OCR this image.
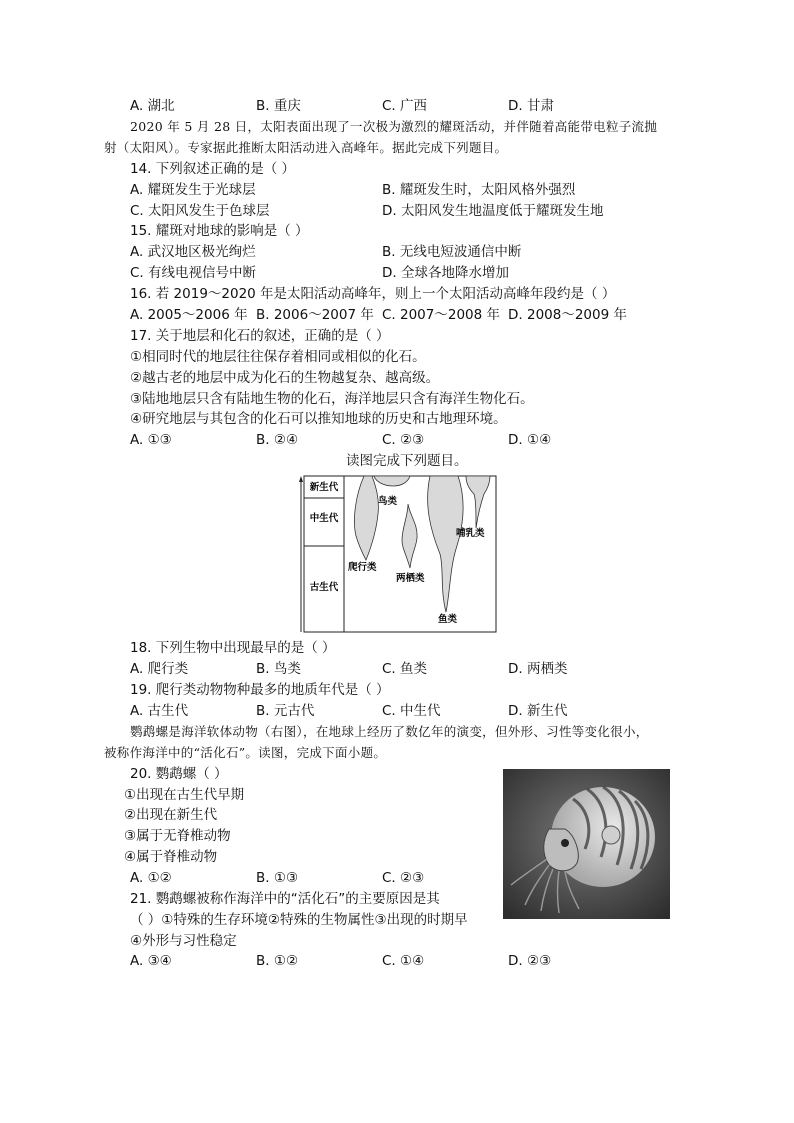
A. 湖北	B. 重庆	C. 广西	D. 甘肃
2020 年 5 月 28 日，太阳表面出现了一次极为激烈的耀斑活动，并伴随着高能带电粒子流抛
射（太阳风）。专家据此推断太阳活动进入高峰年。据此完成下列题目。
14. 下列叙述正确的是（ ）
A. 耀斑发生于光球层	B. 耀斑发生时，太阳风格外强烈
C. 太阳风发生于色球层	D. 太阳风发生地温度低于耀斑发生地
15. 耀斑对地球的影响是（ ）
A. 武汉地区极光绚烂	B. 无线电短波通信中断
C. 有线电视信号中断	D. 全球各地降水增加
16. 若 2019～2020 年是太阳活动高峰年，则上一个太阳活动高峰年段约是（ ）
A. 2005～2006 年 B. 2006～2007 年 C. 2007～2008 年 D. 2008～2009 年
17. 关于地层和化石的叙述，正确的是（ ）
①相同时代的地层往往保存着相同或相似的化石。
②越古老的地层中成为化石的生物越复杂、越高级。
③陆地地层只含有陆地生物的化石，海洋地层只含有海洋生物化石。
④研究地层与其包含的化石可以推知地球的历史和古地理环境。
A. ①③	B. ②④	C. ②③	D. ①④
读图完成下列题目。
新生代
中生代
古生代
鸟类
哺乳类
爬行类
两栖类
鱼类
18. 下列生物中出现最早的是（ ）
A. 爬行类	B. 鸟类	C. 鱼类	D. 两栖类
19. 爬行类动物物种最多的地质年代是（ ）
A. 古生代	B. 元古代	C. 中生代	D. 新生代
鹦鹉螺是海洋软体动物（右图），在地球上经历了数亿年的演变，但外形、习性等变化很小，
被称作海洋中的“活化石”。读图，完成下面小题。
20. 鹦鹉螺（ ）
①出现在古生代早期
②出现在新生代
③属于无脊椎动物
④属于脊椎动物
A. ①②	B. ①③	C. ②③
21. 鹦鹉螺被称作海洋中的“活化石”的主要原因是其
（ ）①特殊的生存环境②特殊的生物属性③出现的时期早
④外形与习性稳定
A. ③④	B. ①②	C. ①④	D. ②③
